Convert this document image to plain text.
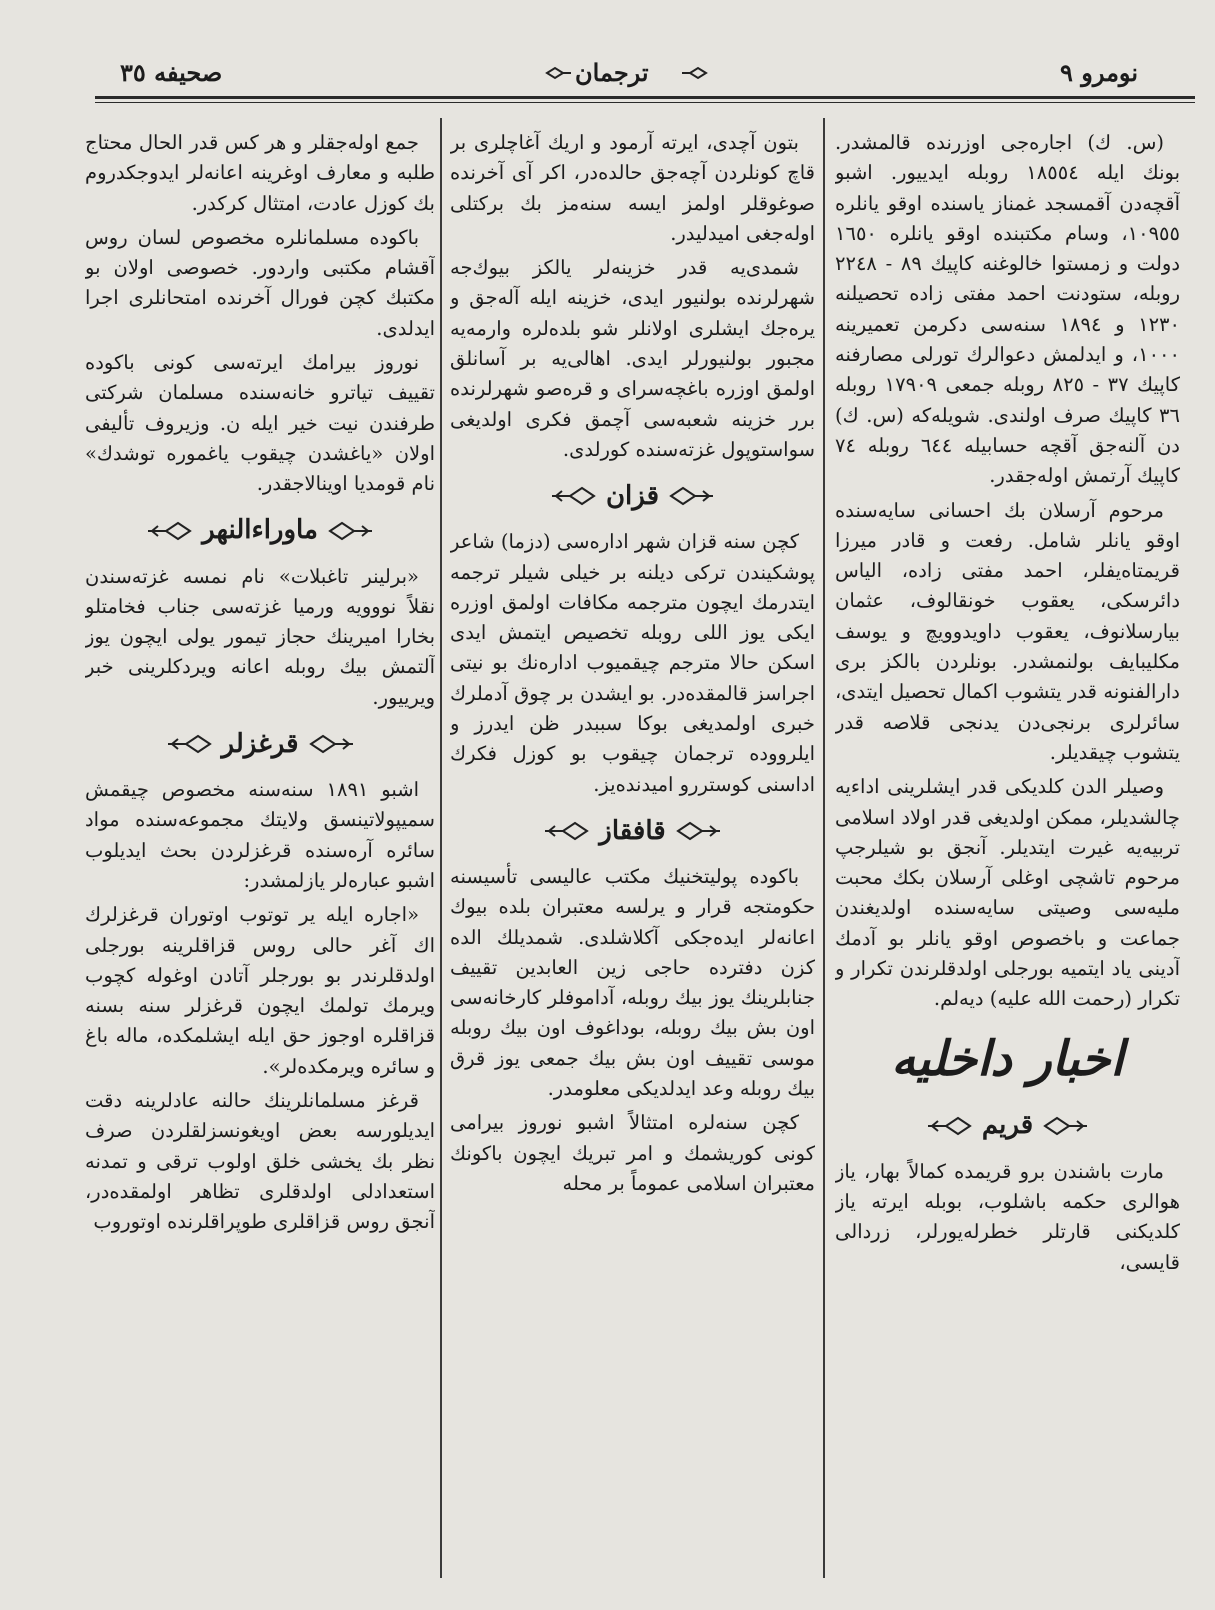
نومرو ٩
ترجمان
صحیفه ٣٥

(س. ك) اجاره‌جی اوزرنده قالمشدر. بونك ایله ١٨٥٥٤ روبله ایدییور. اشبو آقچه‌دن آقمسجد غمناز یاسنده اوقو یانلره ١٠٩٥٥، وسام مكتبنده اوقو یانلره ١٦٥٠ دولت و زمستوا خالوغنه كاپیك ٨٩ - ٢٢٤٨ روبله، ستودنت احمد مفتی زاده تحصیلنه ١٢٣٠ و ١٨٩٤ سنه‌سی دكرمن تعمیرینه ١٠٠٠، و ایدلمش دعوالرك تورلی مصارفنه كاپیك ٣٧ - ٨٢٥ روبله جمعی ١٧٩٠٩ روبله ٣٦ كاپیك صرف اولندی. شویله‌كه (س. ك) دن آلنه‌جق آقچه حسابیله ٦٤٤ روبله ٧٤ كاپیك آرتمش اوله‌جقدر.

مرحوم آرسلان بك احسانی سایه‌سنده اوقو یانلر شامل. رفعت و قادر میرزا قریمتاه‌یفلر، احمد مفتی زاده، الیاس دائرسكی، یعقوب خونقالوف، عثمان بیارسلانوف، یعقوب داویدوویچ و یوسف مكلیبایف بولنمشدر. بونلردن بالكز بری دارالفنونه قدر یتشوب اكمال تحصیل ایتدی، سائرلری برنجی‌دن یدنجی قلاصه قدر یتشوب چیقدیلر.

وصیلر الدن كلدیكی قدر ایشلرینی اداء‌یه چالشدیلر، ممكن اولدیغی قدر اولاد اسلامی تربیه‌یه غیرت ایتدیلر. آنجق بو شیلرجپ مرحوم تاشچی اوغلی آرسلان بكك محبت ملیه‌سی وصیتی سایه‌سنده اولدیغندن جماعت و باخصوص اوقو یانلر بو آدمك آدینی یاد ایتمیه بورجلی اولدقلرندن تكرار و تكرار (رحمت الله علیه) دیه‌لم.

اخبار داخلیه
قریم

مارت باشندن برو قریمده كمالاً بهار، یاز هوالری حكمه باشلوب، بوبله ایرته یاز كلدیكنی قارتلر خطرله‌یورلر، زردالی قایسی،

بتون آچدی، ایرته آرمود و اریك آغاچلری بر قاچ كونلردن آچه‌جق حالده‌در، اكر آی آخرنده صوغوقلر اولمز ایسه سنه‌مز بك بركتلی اوله‌جغی امیدلیدر.

شمدی‌یه قدر خزینه‌لر یالكز بیوك‌جه شهرلرنده بولنیور ایدی، خزینه ایله آله‌جق و یره‌جك ایشلری اولانلر شو بلده‌لره وارمه‌یه مجبور بولنیورلر ایدی. اهالی‌یه بر آسانلق اولمق اوزره باغچه‌سرای و قره‌صو شهرلرنده برر خزینه شعبه‌سی آچمق فكری اولدیغی سواستوپول غزته‌سنده كورلدی.

قزان

كچن سنه قزان شهر اداره‌سی (دزما) شاعر پوشكیندن تركی دیلنه بر خیلی شیلر ترجمه ایتدرمك ایچون مترجمه مكافات اولمق اوزره ایكی یوز اللی روبله تخصیص ایتمش ایدی اسكن حالا مترجم چیقمیوب اداره‌نك بو نیتی اجراسز قالمقده‌در. بو ایشدن بر چوق آدملرك خبری اولمدیغی بوكا سببدر ظن ایدرز و ایلرووده ترجمان چیقوب بو كوزل فكرك اداسنی كوستررو امیدنده‌یز.

قافقاز

باكوده پولیتخنیك مكتب عالیسی تأسیسنه حكومتجه قرار و یرلسه معتبران بلده بیوك اعانه‌لر ایده‌جكی آكلاشلدی. شمدیلك الده كزن دفترده حاجی زین العابدین تقییف جنابلرینك یوز بیك روبله، آداموفلر كارخانه‌سی اون بش بیك روبله، بوداغوف اون بیك روبله موسی تقییف اون بش بیك جمعی یوز قرق بیك روبله وعد ایدلدیكی معلومدر.

كچن سنه‌لره امتثالاً اشبو نوروز بیرامی كونی كوریشمك و امر تبریك ایچون باكونك معتبران اسلامی عموماً بر محله

جمع اوله‌جقلر و هر كس قدر الحال محتاج طلبه و معارف اوغرینه اعانه‌لر ایدوجكدروم بك كوزل عادت، امتثال كركدر.

باكوده مسلمانلره مخصوص لسان روس آقشام مكتبی وار‌دور. خصوصی اولان بو مكتبك كچن فورال آخرنده امتحانلری اجرا ایدلدی.

نوروز بیرامك ایرته‌سی كونی باكوده تقییف تیاترو خانه‌سنده مسلمان شركتی طرفندن نیت خیر ایله ن. وزیروف تألیفی اولان «یاغشدن چیقوب یاغموره توشدك» نام قومدیا اوینالاجقدر.

ماوراءالنهر

«برلینر تاغبلات» نام نمسه غزته‌سندن نقلاً نوو‌ویه ورمیا غزته‌سی جناب فخامتلو بخارا امیرینك حجاز تیمور یولی ایچون یوز آلتمش بیك روبله اعانه ویردكلرینی خبر ویرییور.

قرغزلر

اشبو ١٨٩١ سنه‌سنه مخصوص چیقمش سمیپولاتینسق ولایتك مجموعه‌سنده مواد سائره آره‌سنده قرغزلردن بحث ایدیلوب اشبو عباره‌لر یازلمشدر:

«اجاره ایله یر توتوب اوتوران قرغزلرك اك آغر حالی روس قزاقلرینه بورجلی اولدقلرندر بو بورجلر آتادن اوغوله كچوب ویرمك تولمك ایچون قرغزلر سنه بسنه قزاقلره اوجوز حق ایله ایشلمكده، ماله باغ و سائره ویرمكده‌لر».

قرغز مسلمانلرینك حالنه عادلرینه دقت ایدیلورسه بعض اویغونسزلقلردن صرف نظر بك یخشی خلق اولوب ترقی و تمدنه استعدادلی اولدقلری تظاهر اولمقده‌در، آنجق روس قزاقلری طوپراقلرنده اوتوروب
